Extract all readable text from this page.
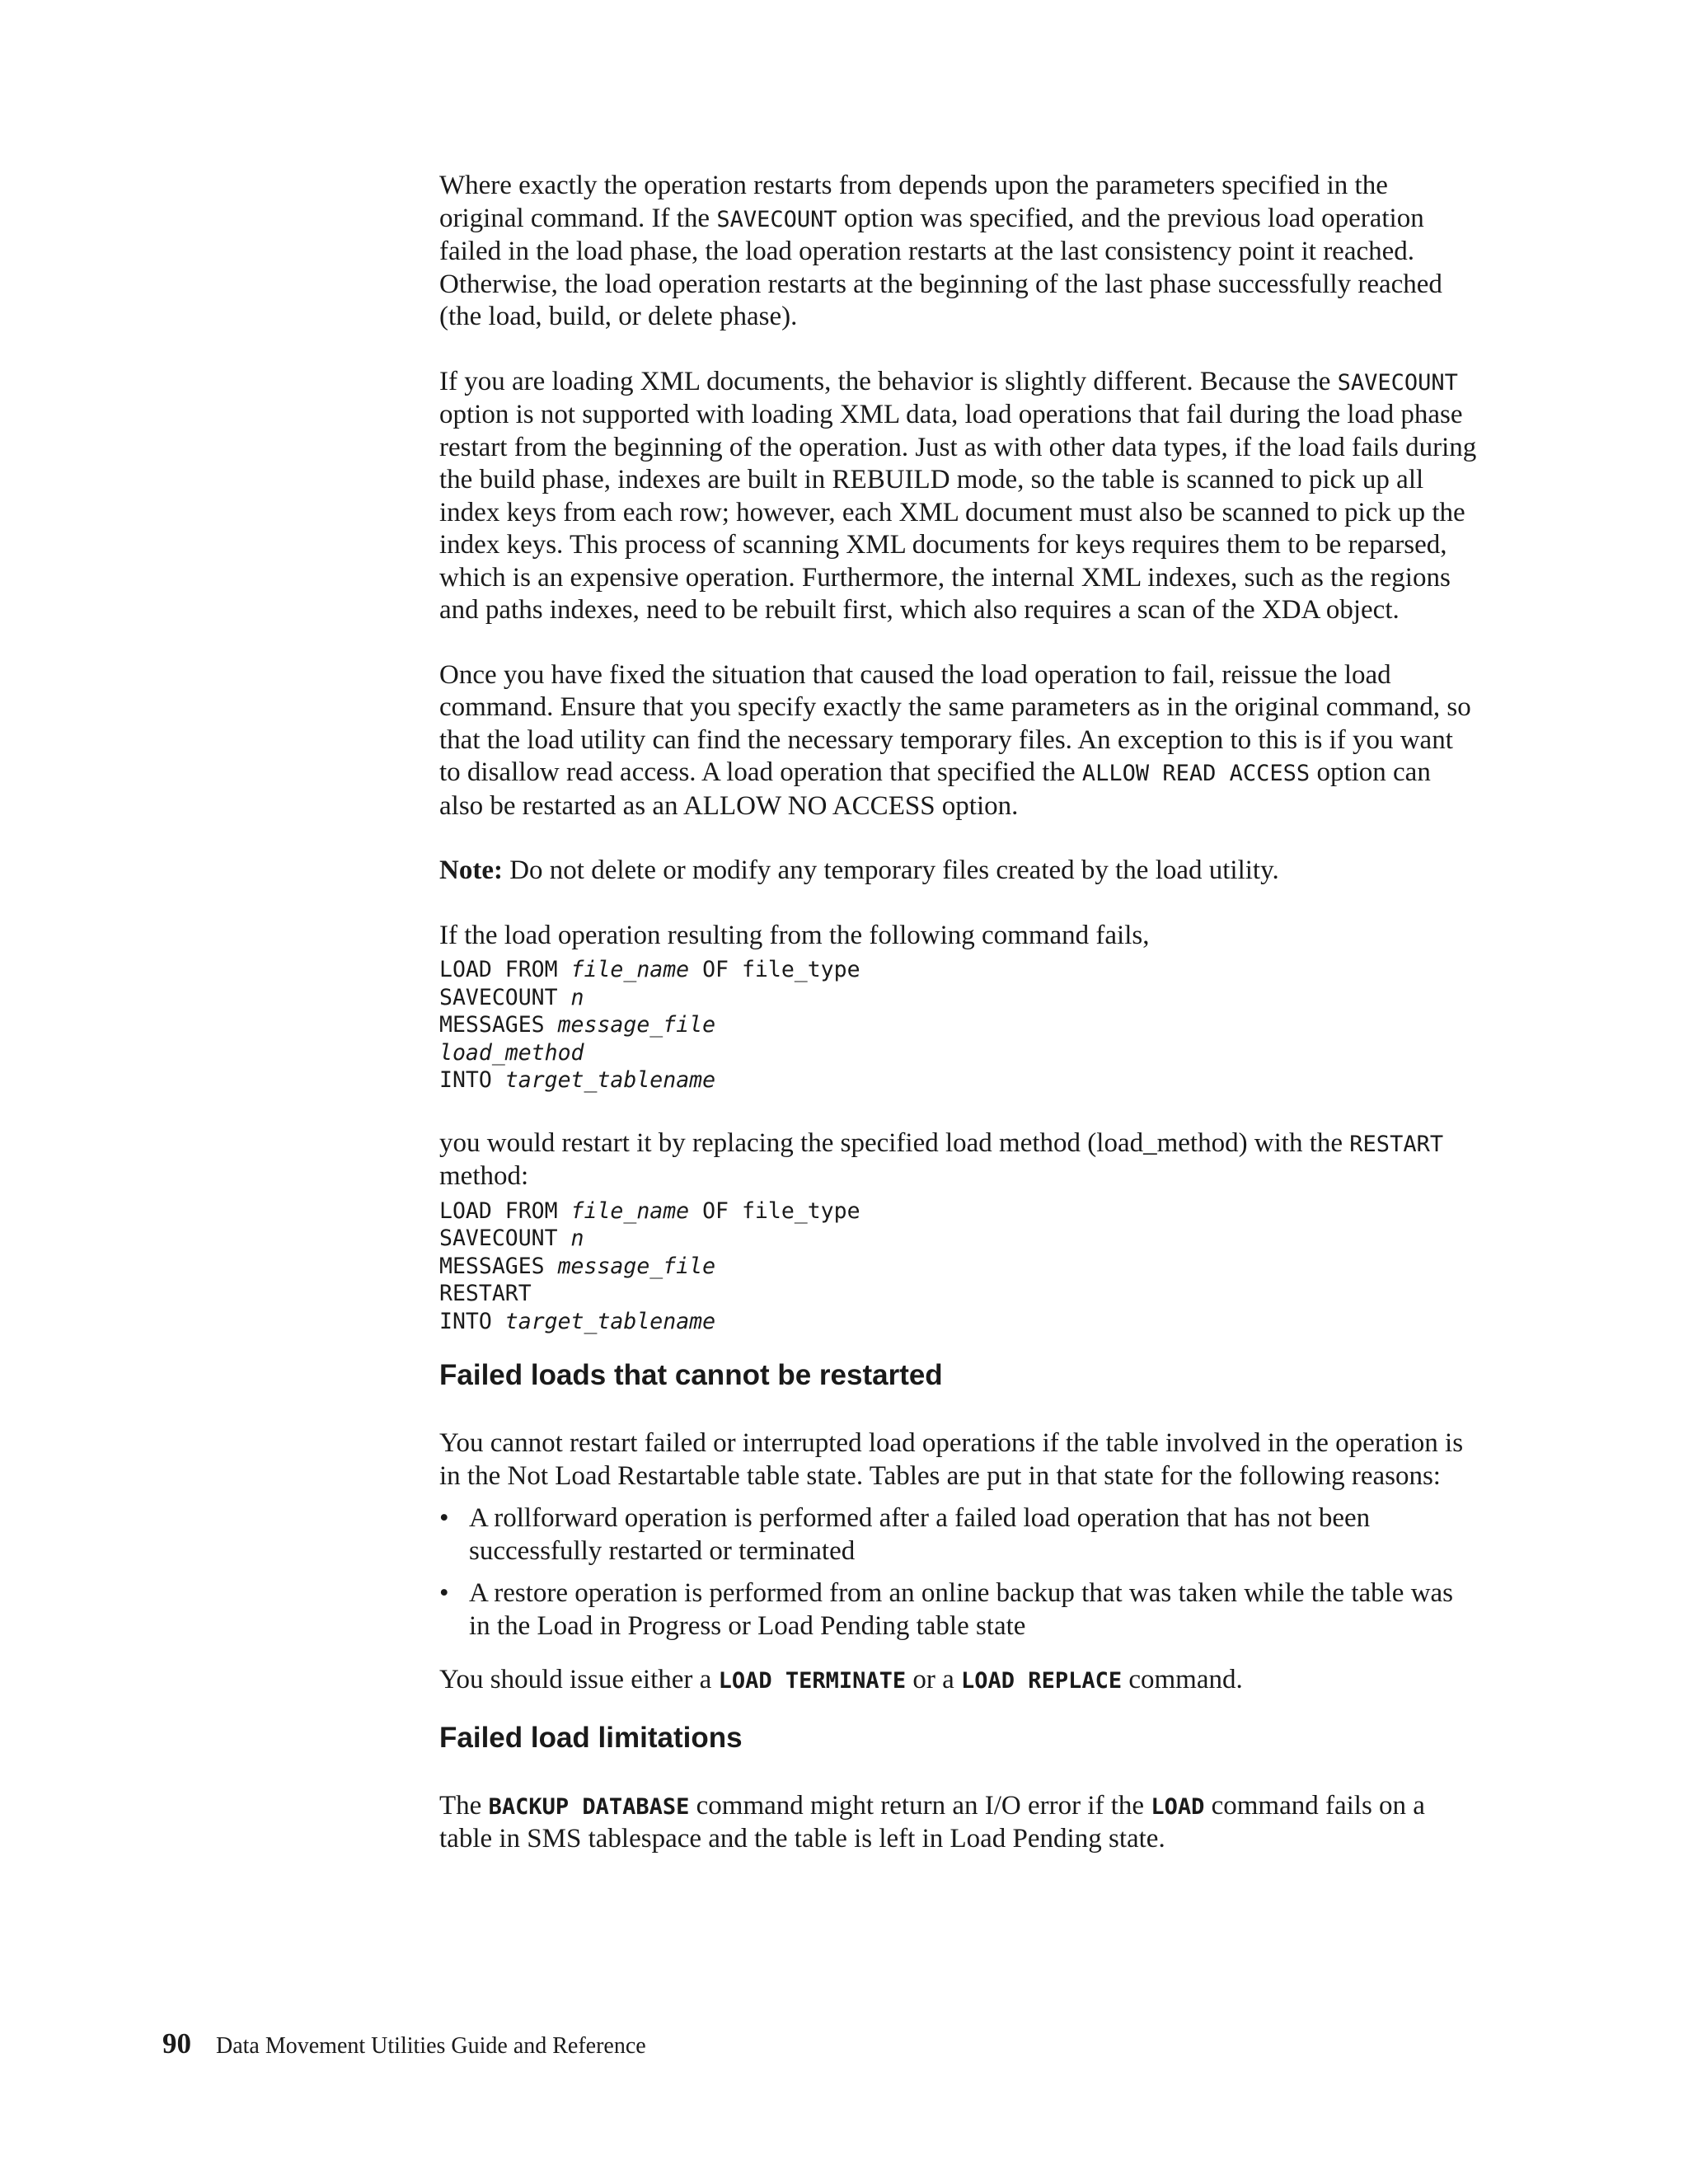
Where exactly the operation restarts from depends upon the parameters specified in the original command. If the SAVECOUNT option was specified, and the previous load operation failed in the load phase, the load operation restarts at the last consistency point it reached. Otherwise, the load operation restarts at the beginning of the last phase successfully reached (the load, build, or delete phase).

If you are loading XML documents, the behavior is slightly different. Because the SAVECOUNT option is not supported with loading XML data, load operations that fail during the load phase restart from the beginning of the operation. Just as with other data types, if the load fails during the build phase, indexes are built in REBUILD mode, so the table is scanned to pick up all index keys from each row; however, each XML document must also be scanned to pick up the index keys. This process of scanning XML documents for keys requires them to be reparsed, which is an expensive operation. Furthermore, the internal XML indexes, such as the regions and paths indexes, need to be rebuilt first, which also requires a scan of the XDA object.

Once you have fixed the situation that caused the load operation to fail, reissue the load command. Ensure that you specify exactly the same parameters as in the original command, so that the load utility can find the necessary temporary files. An exception to this is if you want to disallow read access. A load operation that specified the ALLOW READ ACCESS option can also be restarted as an ALLOW NO ACCESS option.

Note: Do not delete or modify any temporary files created by the load utility.

If the load operation resulting from the following command fails,

LOAD FROM file_name OF file_type
SAVECOUNT n
MESSAGES message_file
load_method
INTO target_tablename

you would restart it by replacing the specified load method (load_method) with the RESTART method:

LOAD FROM file_name OF file_type
SAVECOUNT n
MESSAGES message_file
RESTART
INTO target_tablename
Failed loads that cannot be restarted

You cannot restart failed or interrupted load operations if the table involved in the operation is in the Not Load Restartable table state. Tables are put in that state for the following reasons:

• A rollforward operation is performed after a failed load operation that has not been successfully restarted or terminated
• A restore operation is performed from an online backup that was taken while the table was in the Load in Progress or Load Pending table state

You should issue either a LOAD TERMINATE or a LOAD REPLACE command.

Failed load limitations

The BACKUP DATABASE command might return an I/O error if the LOAD command fails on a table in SMS tablespace and the table is left in Load Pending state.

90 Data Movement Utilities Guide and Reference
